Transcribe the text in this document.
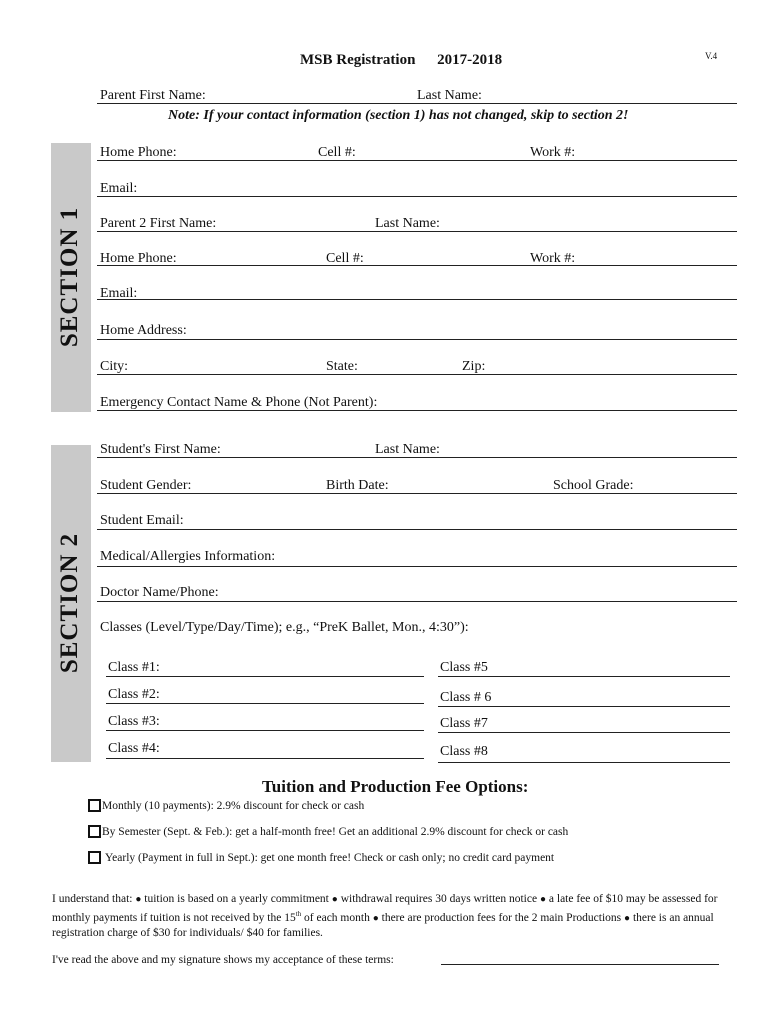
MSB Registration 2017-2018	V.4
Parent First Name:	Last Name:
Note: If your contact information (section 1) has not changed, skip to section 2!
SECTION 1
Home Phone:	Cell #:	Work #:
Email:
Parent 2 First Name:	Last Name:
Home Phone:	Cell #:	Work #:
Email:
Home Address:
City:	State:	Zip:
Emergency Contact Name & Phone (Not Parent):
SECTION 2
Student's First Name:	Last Name:
Student Gender:	Birth Date:	School Grade:
Student Email:
Medical/Allergies Information:
Doctor Name/Phone:
Classes (Level/Type/Day/Time); e.g., “PreK Ballet, Mon., 4:30”):
Class #1:	Class #5
Class #2:	Class # 6
Class #3:	Class #7
Class #4:	Class #8
Tuition and Production Fee Options:
Monthly (10 payments): 2.9% discount for check or cash
By Semester (Sept. & Feb.): get a half-month free! Get an additional 2.9% discount for check or cash
Yearly (Payment in full in Sept.): get one month free! Check or cash only; no credit card payment
I understand that: ● tuition is based on a yearly commitment ● withdrawal requires 30 days written notice ● a late fee of $10 may be assessed for monthly payments if tuition is not received by the 15th of each month ● there are production fees for the 2 main Productions ● there is an annual registration charge of $30 for individuals/ $40 for families.
I've read the above and my signature shows my acceptance of these terms:
